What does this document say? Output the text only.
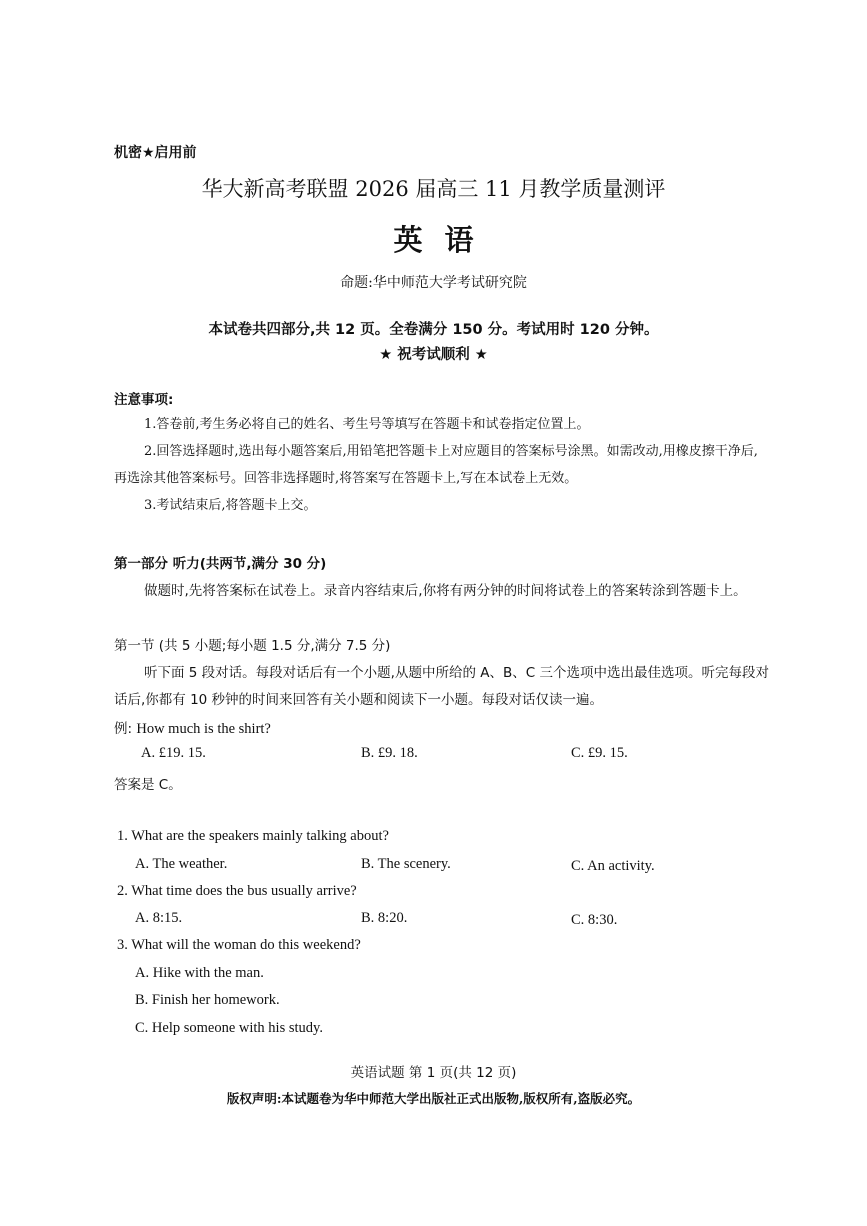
机密★启用前
华大新高考联盟 2026 届高三 11 月教学质量测评
英语
命题:华中师范大学考试研究院
本试卷共四部分,共 12 页。全卷满分 150 分。考试用时 120 分钟。
★ 祝考试顺利 ★
注意事项:
1.答卷前,考生务必将自己的姓名、考生号等填写在答题卡和试卷指定位置上。
2.回答选择题时,选出每小题答案后,用铅笔把答题卡上对应题目的答案标号涂黑。如需改动,用橡皮擦干净后,再选涂其他答案标号。回答非选择题时,将答案写在答题卡上,写在本试卷上无效。
3.考试结束后,将答题卡上交。
第一部分 听力(共两节,满分 30 分)
做题时,先将答案标在试卷上。录音内容结束后,你将有两分钟的时间将试卷上的答案转涂到答题卡上。
第一节 (共 5 小题;每小题 1.5 分,满分 7.5 分)
听下面 5 段对话。每段对话后有一个小题,从题中所给的 A、B、C 三个选项中选出最佳选项。听完每段对话后,你都有 10 秒钟的时间来回答有关小题和阅读下一小题。每段对话仅读一遍。
例: How much is the shirt?
A. £19. 15.	B. £9. 18.	C. £9. 15.
答案是 C。
1. What are the speakers mainly talking about?
A. The weather.	B. The scenery.	C. An activity.
2. What time does the bus usually arrive?
A. 8:15.	B. 8:20.	C. 8:30.
3. What will the woman do this weekend?
A. Hike with the man.
B. Finish her homework.
C. Help someone with his study.
英语试题 第 1 页(共 12 页)
版权声明:本试题卷为华中师范大学出版社正式出版物,版权所有,盗版必究。
